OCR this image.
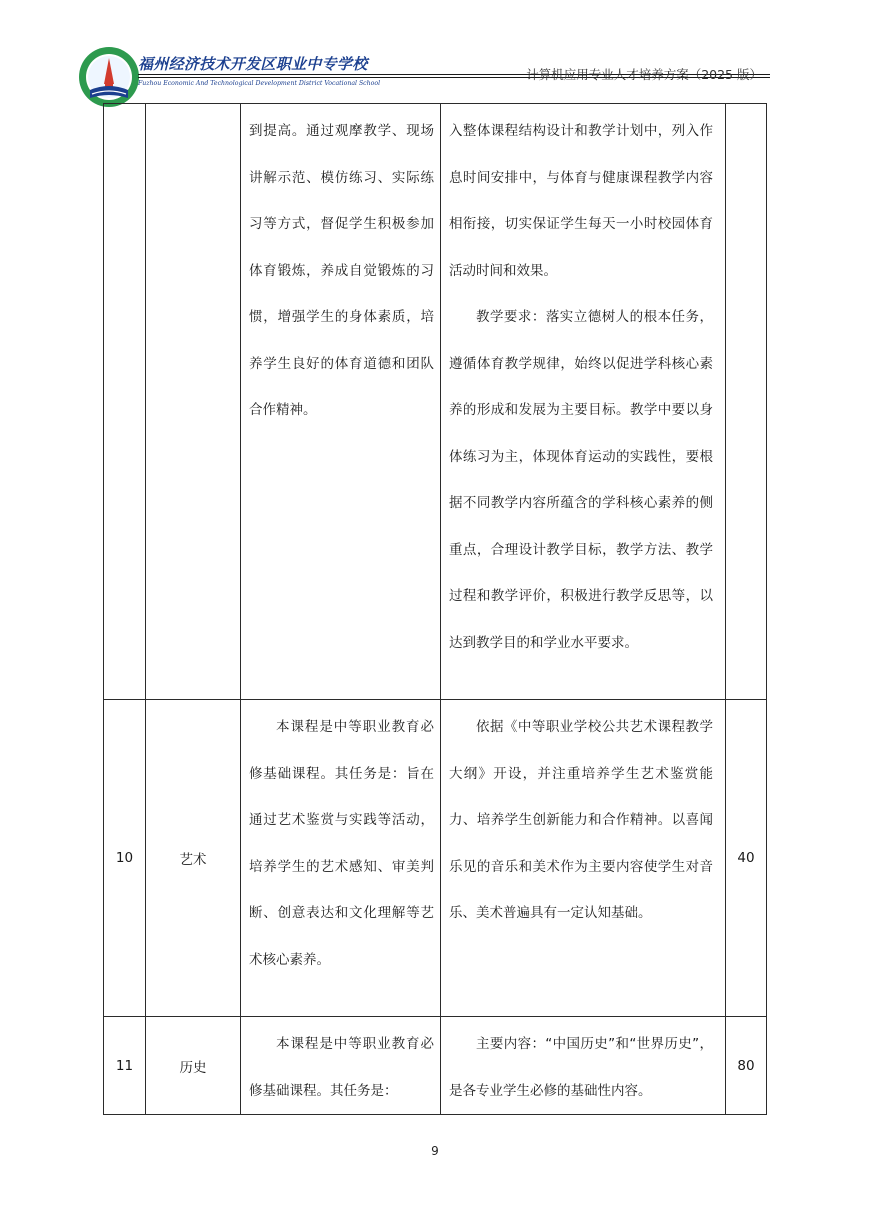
福州经济技术开发区职业中专学校
Fuzhou Economic And Technological Development District Vocational School
计算机应用专业人才培养方案（2025 版）

		到提高。通过观摩教学、现场讲解示范、模仿练习、实际练习等方式，督促学生积极参加体育锻炼，养成自觉锻炼的习惯，增强学生的身体素质，培养学生良好的体育道德和团队合作精神。	入整体课程结构设计和教学计划中，列入作息时间安排中，与体育与健康课程教学内容相衔接，切实保证学生每天一小时校园体育活动时间和效果。
教学要求：落实立德树人的根本任务，遵循体育教学规律，始终以促进学科核心素养的形成和发展为主要目标。教学中要以身体练习为主，体现体育运动的实践性，要根据不同教学内容所蕴含的学科核心素养的侧重点，合理设计教学目标，教学方法、教学过程和教学评价，积极进行教学反思等，以达到教学目的和学业水平要求。	

10	艺术	本课程是中等职业教育必修基础课程。其任务是：旨在通过艺术鉴赏与实践等活动，培养学生的艺术感知、审美判断、创意表达和文化理解等艺术核心素养。	依据《中等职业学校公共艺术课程教学大纲》开设，并注重培养学生艺术鉴赏能力、培养学生创新能力和合作精神。以喜闻乐见的音乐和美术作为主要内容使学生对音乐、美术普遍具有一定认知基础。	40
11	历史	本课程是中等职业教育必修基础课程。其任务是：	主要内容：“中国历史”和“世界历史”，是各专业学生必修的基础性内容。	80
9
